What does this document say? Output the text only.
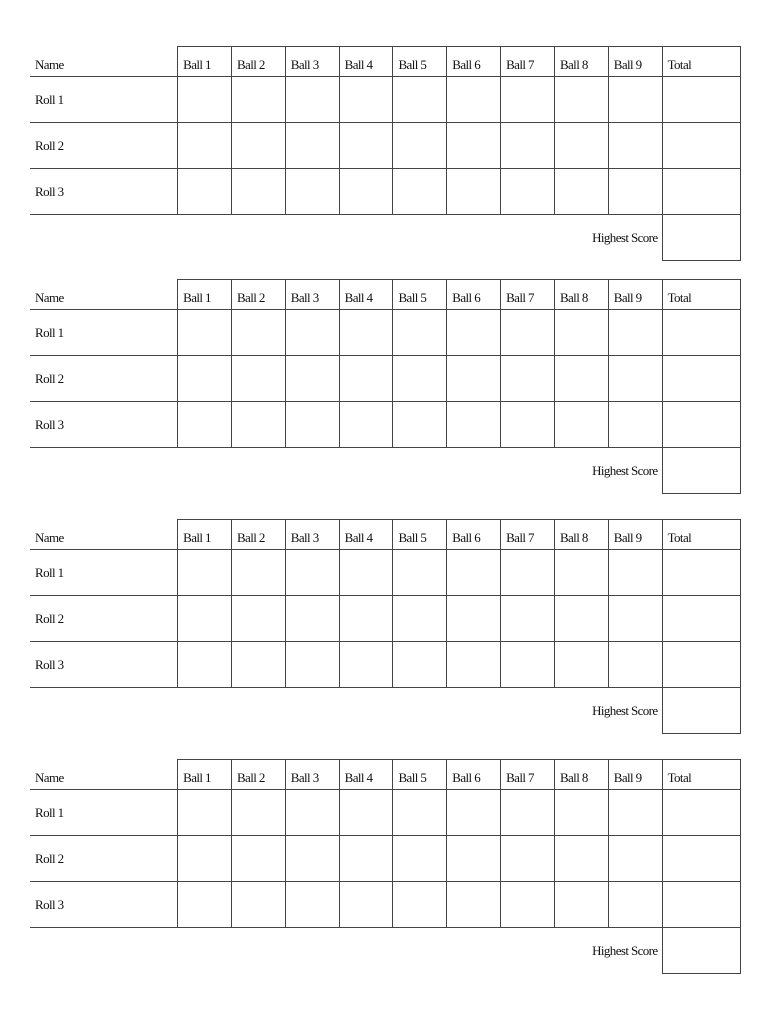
Name	Ball 1	Ball 2	Ball 3	Ball 4	Ball 5	Ball 6	Ball 7	Ball 8	Ball 9	Total
Roll 1										
Roll 2										
Roll 3										
Highest Score										
Name	Ball 1	Ball 2	Ball 3	Ball 4	Ball 5	Ball 6	Ball 7	Ball 8	Ball 9	Total
Roll 1										
Roll 2										
Roll 3										
Highest Score										
Name	Ball 1	Ball 2	Ball 3	Ball 4	Ball 5	Ball 6	Ball 7	Ball 8	Ball 9	Total
Roll 1										
Roll 2										
Roll 3										
Highest Score										
Name	Ball 1	Ball 2	Ball 3	Ball 4	Ball 5	Ball 6	Ball 7	Ball 8	Ball 9	Total
Roll 1										
Roll 2										
Roll 3										
Highest Score										
